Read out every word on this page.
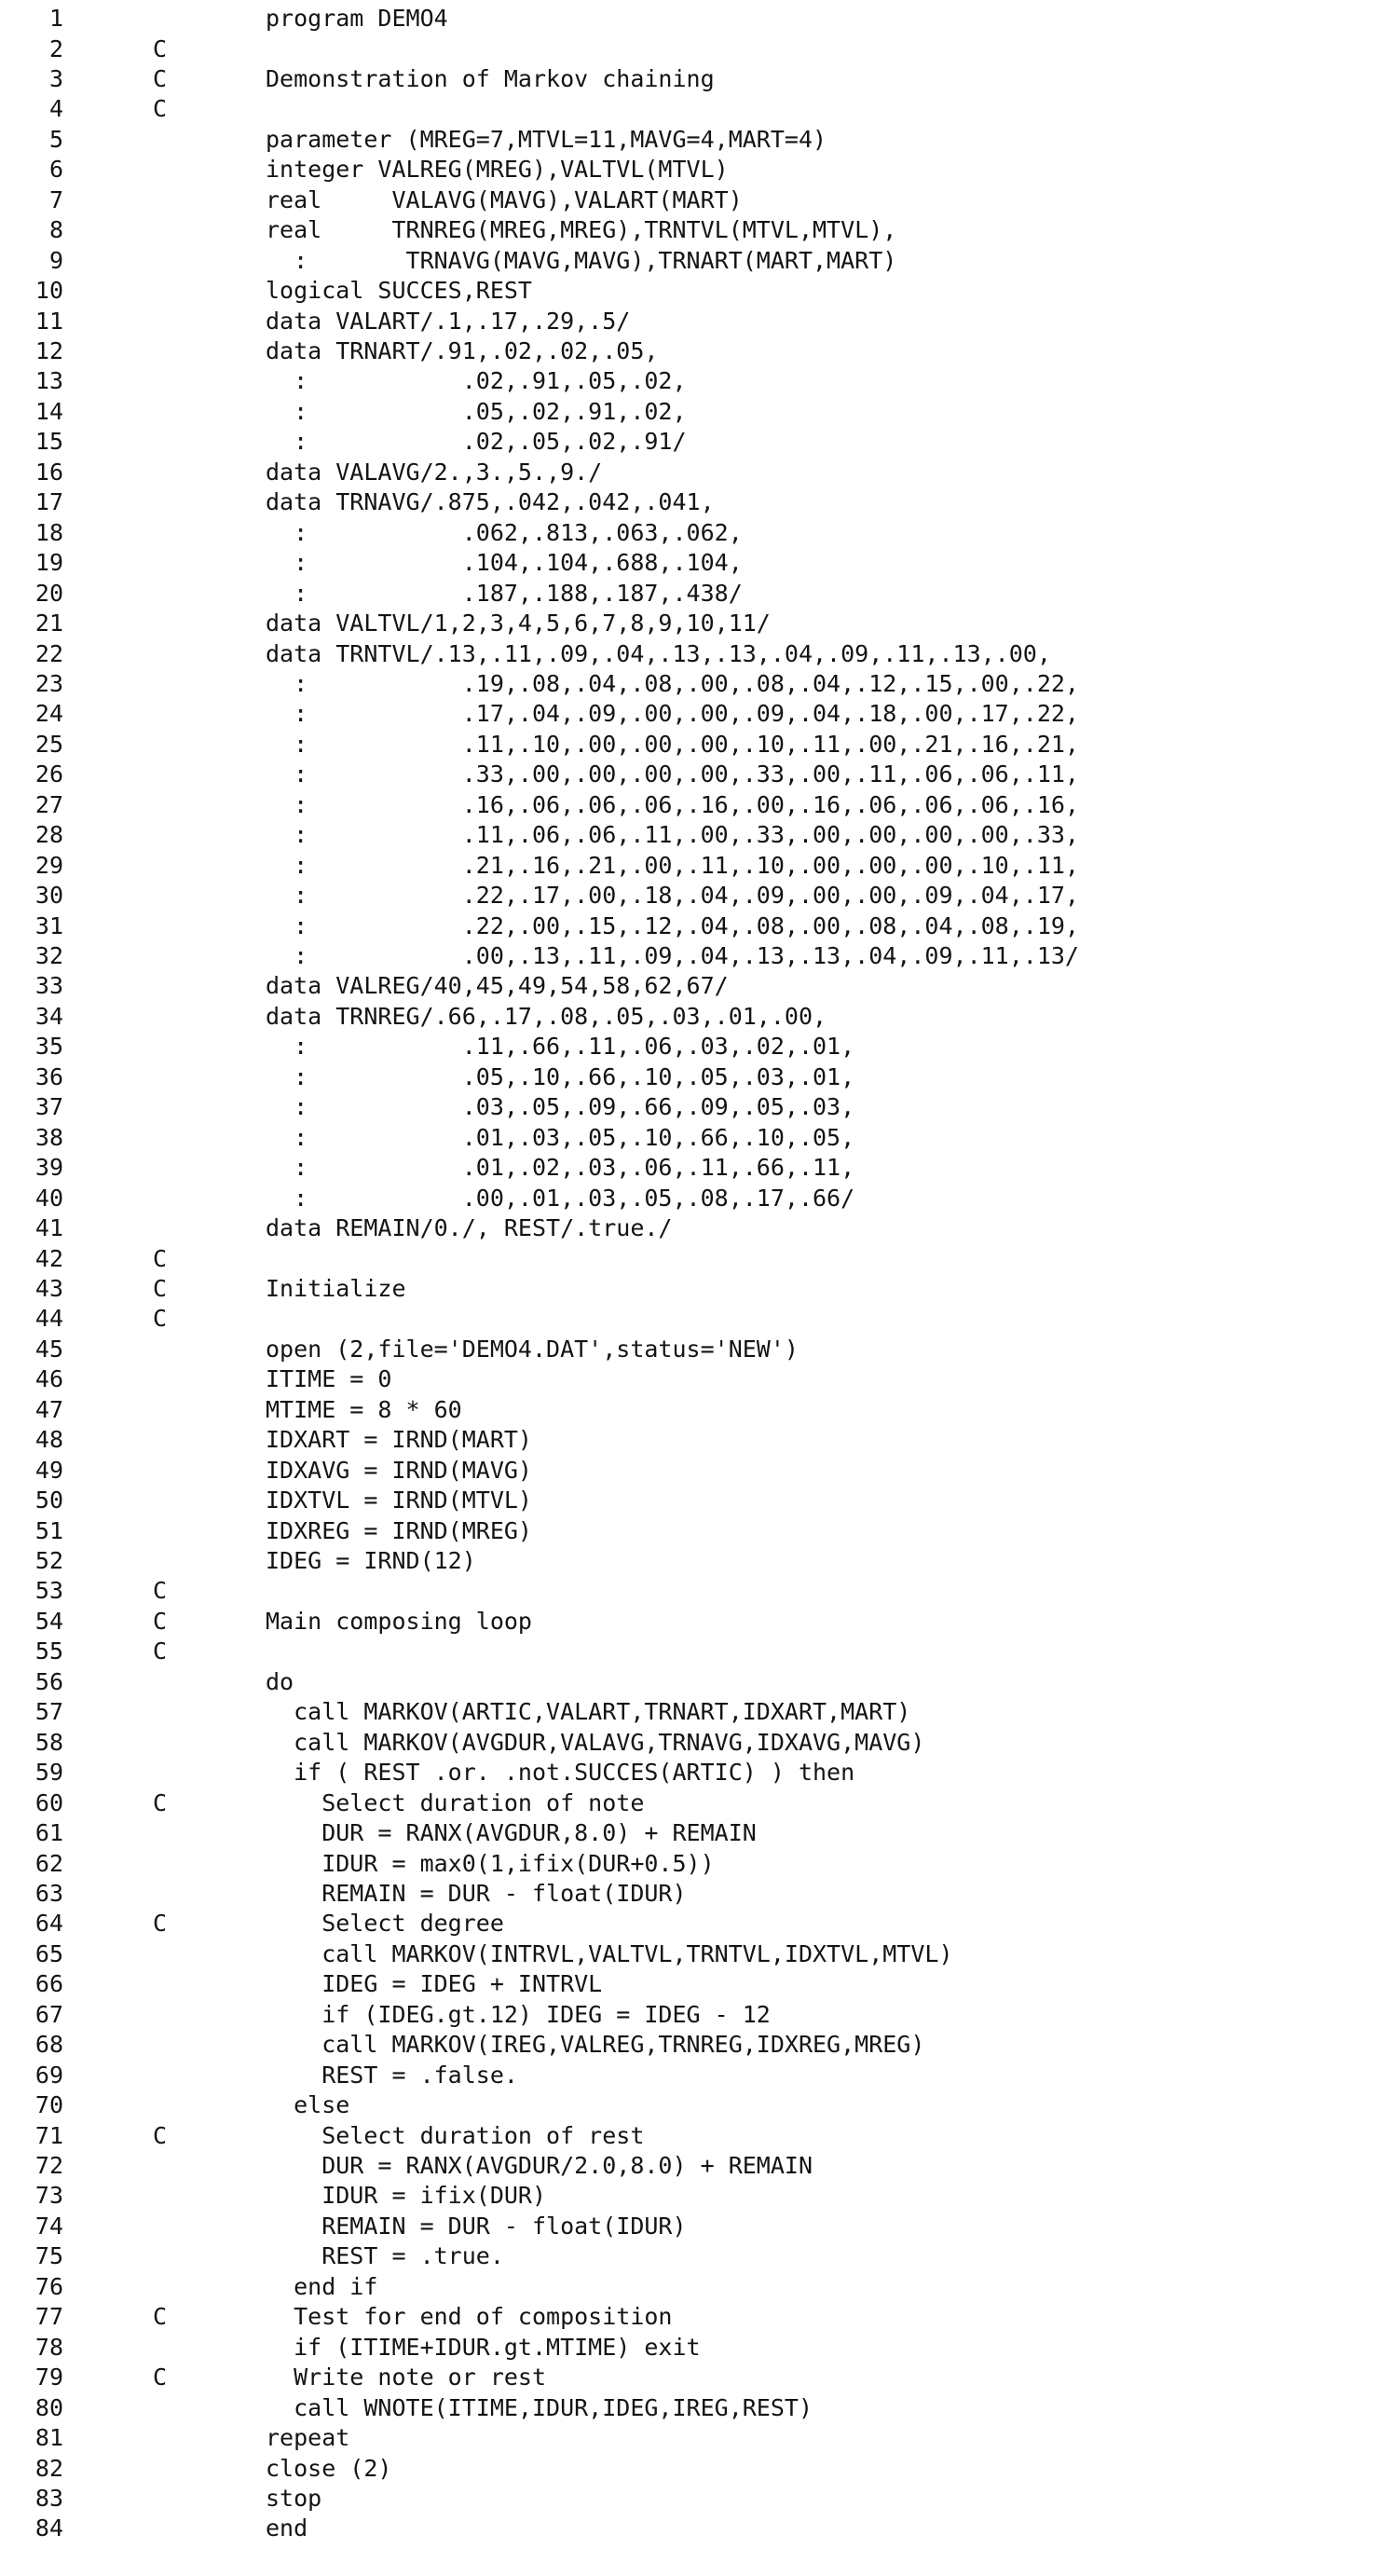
1	program DEMO4
2	C
3	C	Demonstration of Markov chaining
4	C
5	parameter (MREG=7,MTVL=11,MAVG=4,MART=4)
6	integer VALREG(MREG),VALTVL(MTVL)
7	real     VALAVG(MAVG),VALART(MART)
8	real     TRNREG(MREG,MREG),TRNTVL(MTVL,MTVL),
9	:       TRNAVG(MAVG,MAVG),TRNART(MART,MART)
10	logical SUCCES,REST
11	data VALART/.1,.17,.29,.5/
12	data TRNART/.91,.02,.02,.05,
13	:           .02,.91,.05,.02,
14	:           .05,.02,.91,.02,
15	:           .02,.05,.02,.91/
16	data VALAVG/2.,3.,5.,9./
17	data TRNAVG/.875,.042,.042,.041,
18	:           .062,.813,.063,.062,
19	:           .104,.104,.688,.104,
20	:           .187,.188,.187,.438/
21	data VALTVL/1,2,3,4,5,6,7,8,9,10,11/
22	data TRNTVL/.13,.11,.09,.04,.13,.13,.04,.09,.11,.13,.00,
23	:           .19,.08,.04,.08,.00,.08,.04,.12,.15,.00,.22,
24	:           .17,.04,.09,.00,.00,.09,.04,.18,.00,.17,.22,
25	:           .11,.10,.00,.00,.00,.10,.11,.00,.21,.16,.21,
26	:           .33,.00,.00,.00,.00,.33,.00,.11,.06,.06,.11,
27	:           .16,.06,.06,.06,.16,.00,.16,.06,.06,.06,.16,
28	:           .11,.06,.06,.11,.00,.33,.00,.00,.00,.00,.33,
29	:           .21,.16,.21,.00,.11,.10,.00,.00,.00,.10,.11,
30	:           .22,.17,.00,.18,.04,.09,.00,.00,.09,.04,.17,
31	:           .22,.00,.15,.12,.04,.08,.00,.08,.04,.08,.19,
32	:           .00,.13,.11,.09,.04,.13,.13,.04,.09,.11,.13/
33	data VALREG/40,45,49,54,58,62,67/
34	data TRNREG/.66,.17,.08,.05,.03,.01,.00,
35	:           .11,.66,.11,.06,.03,.02,.01,
36	:           .05,.10,.66,.10,.05,.03,.01,
37	:           .03,.05,.09,.66,.09,.05,.03,
38	:           .01,.03,.05,.10,.66,.10,.05,
39	:           .01,.02,.03,.06,.11,.66,.11,
40	:           .00,.01,.03,.05,.08,.17,.66/
41	data REMAIN/0./, REST/.true./
42	C
43	C	Initialize
44	C
45	open (2,file='DEMO4.DAT',status='NEW')
46	ITIME = 0
47	MTIME = 8 * 60
48	IDXART = IRND(MART)
49	IDXAVG = IRND(MAVG)
50	IDXTVL = IRND(MTVL)
51	IDXREG = IRND(MREG)
52	IDEG = IRND(12)
53	C
54	C	Main composing loop
55	C
56	do
57	call MARKOV(ARTIC,VALART,TRNART,IDXART,MART)
58	call MARKOV(AVGDUR,VALAVG,TRNAVG,IDXAVG,MAVG)
59	if ( REST .or. .not.SUCCES(ARTIC) ) then
60	C	Select duration of note
61	DUR = RANX(AVGDUR,8.0) + REMAIN
62	IDUR = max0(1,ifix(DUR+0.5))
63	REMAIN = DUR - float(IDUR)
64	C	Select degree
65	call MARKOV(INTRVL,VALTVL,TRNTVL,IDXTVL,MTVL)
66	IDEG = IDEG + INTRVL
67	if (IDEG.gt.12) IDEG = IDEG - 12
68	call MARKOV(IREG,VALREG,TRNREG,IDXREG,MREG)
69	REST = .false.
70	else
71	C	Select duration of rest
72	DUR = RANX(AVGDUR/2.0,8.0) + REMAIN
73	IDUR = ifix(DUR)
74	REMAIN = DUR - float(IDUR)
75	REST = .true.
76	end if
77	C	Test for end of composition
78	if (ITIME+IDUR.gt.MTIME) exit
79	C	Write note or rest
80	call WNOTE(ITIME,IDUR,IDEG,IREG,REST)
81	repeat
82	close (2)
83	stop
84	end
